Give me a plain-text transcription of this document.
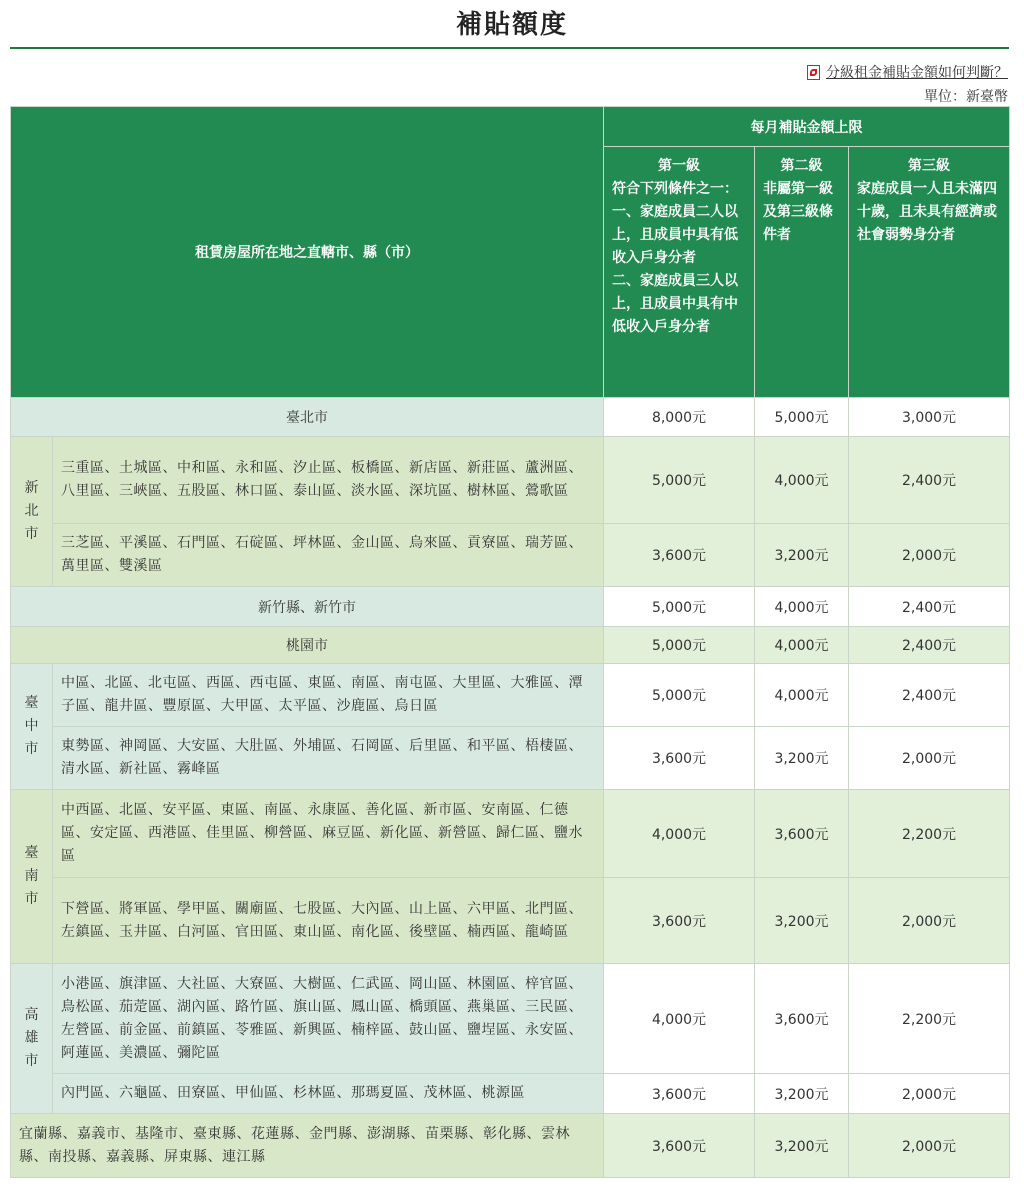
補貼額度
分級租金補貼金額如何判斷？
單位：新臺幣
租賃房屋所在地之直轄市、縣（市）		每月補貼金額上限		

		第一級
符合下列條件之一：
一、家庭成員二人以上，且成員中具有低收入戶身分者
二、家庭成員三人以上，且成員中具有中低收入戶身分者	第二級
非屬第一級及第三級條件者	第三級
家庭成員一人且未滿四十歲，且未具有經濟或社會弱勢身分者
臺北市		8,000元	5,000元	3,000元
新
北
市	三重區、土城區、中和區、永和區、汐止區、板橋區、新店區、新莊區、蘆洲區、八里區、三峽區、五股區、林口區、泰山區、淡水區、深坑區、樹林區、鶯歌區	5,000元	4,000元	2,400元
	三芝區、平溪區、石門區、石碇區、坪林區、金山區、烏來區、貢寮區、瑞芳區、萬里區、雙溪區	3,600元	3,200元	2,000元
新竹縣、新竹市		5,000元	4,000元	2,400元
桃園市		5,000元	4,000元	2,400元
臺
中
市	中區、北區、北屯區、西區、西屯區、東區、南區、南屯區、大里區、大雅區、潭子區、龍井區、豐原區、大甲區、太平區、沙鹿區、烏日區	5,000元	4,000元	2,400元
	東勢區、神岡區、大安區、大肚區、外埔區、石岡區、后里區、和平區、梧棲區、清水區、新社區、霧峰區	3,600元	3,200元	2,000元
臺
南
市	中西區、北區、安平區、東區、南區、永康區、善化區、新市區、安南區、仁德區、安定區、西港區、佳里區、柳營區、麻豆區、新化區、新營區、歸仁區、鹽水區	4,000元	3,600元	2,200元
	下營區、將軍區、學甲區、關廟區、七股區、大內區、山上區、六甲區、北門區、左鎮區、玉井區、白河區、官田區、東山區、南化區、後壁區、楠西區、龍崎區	3,600元	3,200元	2,000元
高
雄
市	小港區、旗津區、大社區、大寮區、大樹區、仁武區、岡山區、林園區、梓官區、鳥松區、茄萣區、湖內區、路竹區、旗山區、鳳山區、橋頭區、燕巢區、三民區、左營區、前金區、前鎮區、苓雅區、新興區、楠梓區、鼓山區、鹽埕區、永安區、阿蓮區、美濃區、彌陀區	4,000元	3,600元	2,200元
	內門區、六龜區、田寮區、甲仙區、杉林區、那瑪夏區、茂林區、桃源區	3,600元	3,200元	2,000元
宜蘭縣、嘉義市、基隆市、臺東縣、花蓮縣、金門縣、澎湖縣、苗栗縣、彰化縣、雲林縣、南投縣、嘉義縣、屏東縣、連江縣		3,600元	3,200元	2,000元
